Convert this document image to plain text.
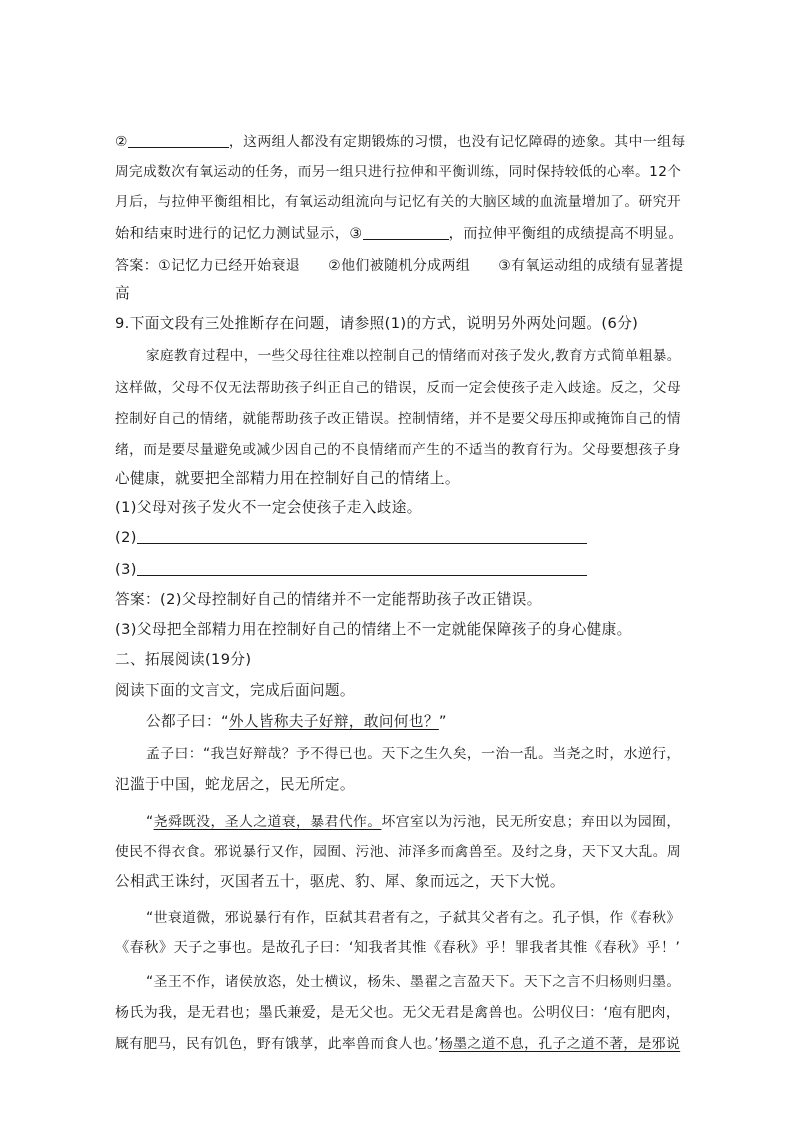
②	，这两组人都没有定期锻炼的习惯，也没有记忆障碍的迹象。其中一组每
周完成数次有氧运动的任务，而另一组只进行拉伸和平衡训练，同时保持较低的心率。12个
月后，与拉伸平衡组相比，有氧运动组流向与记忆有关的大脑区域的血流量增加了。研究开
始和结束时进行的记忆力测试显示，③	，而拉伸平衡组的成绩提高不明显。
答案：①记忆力已经开始衰退 ②他们被随机分成两组 ③有氧运动组的成绩有显著提
高
9.下面文段有三处推断存在问题，请参照(1)的方式，说明另外两处问题。(6分)
家庭教育过程中，一些父母往往难以控制自己的情绪而对孩子发火,教育方式简单粗暴。
这样做，父母不仅无法帮助孩子纠正自己的错误，反而一定会使孩子走入歧途。反之，父母
控制好自己的情绪，就能帮助孩子改正错误。控制情绪，并不是要父母压抑或掩饰自己的情
绪，而是要尽量避免或减少因自己的不良情绪而产生的不适当的教育行为。父母要想孩子身
心健康，就要把全部精力用在控制好自己的情绪上。
(1)父母对孩子发火不一定会使孩子走入歧途。
(2)
(3)
答案：(2)父母控制好自己的情绪并不一定能帮助孩子改正错误。
(3)父母把全部精力用在控制好自己的情绪上不一定就能保障孩子的身心健康。
二、拓展阅读(19分)
阅读下面的文言文，完成后面问题。
公都子曰：“外人皆称夫子好辩，敢问何也？”
孟子曰：“我岂好辩哉？予不得已也。天下之生久矣，一治一乱。当尧之时，水逆行，
氾滥于中国，蛇龙居之，民无所定。
“尧舜既没，圣人之道衰，暴君代作。坏宫室以为污池，民无所安息；弃田以为园囿，
使民不得衣食。邪说暴行又作，园囿、污池、沛泽多而禽兽至。及纣之身，天下又大乱。周
公相武王诛纣，灭国者五十，驱虎、豹、犀、象而远之，天下大悦。
“世衰道微，邪说暴行有作，臣弑其君者有之，子弑其父者有之。孔子惧，作《春秋》
《春秋》天子之事也。是故孔子曰：‘知我者其惟《春秋》乎！罪我者其惟《春秋》乎！’
“圣王不作，诸侯放恣，处士横议，杨朱、墨翟之言盈天下。天下之言不归杨则归墨。
杨氏为我，是无君也；墨氏兼爱，是无父也。无父无君是禽兽也。公明仪曰：‘庖有肥肉，
厩有肥马，民有饥色，野有饿莩，此率兽而食人也。’杨墨之道不息，孔子之道不著，是邪说
